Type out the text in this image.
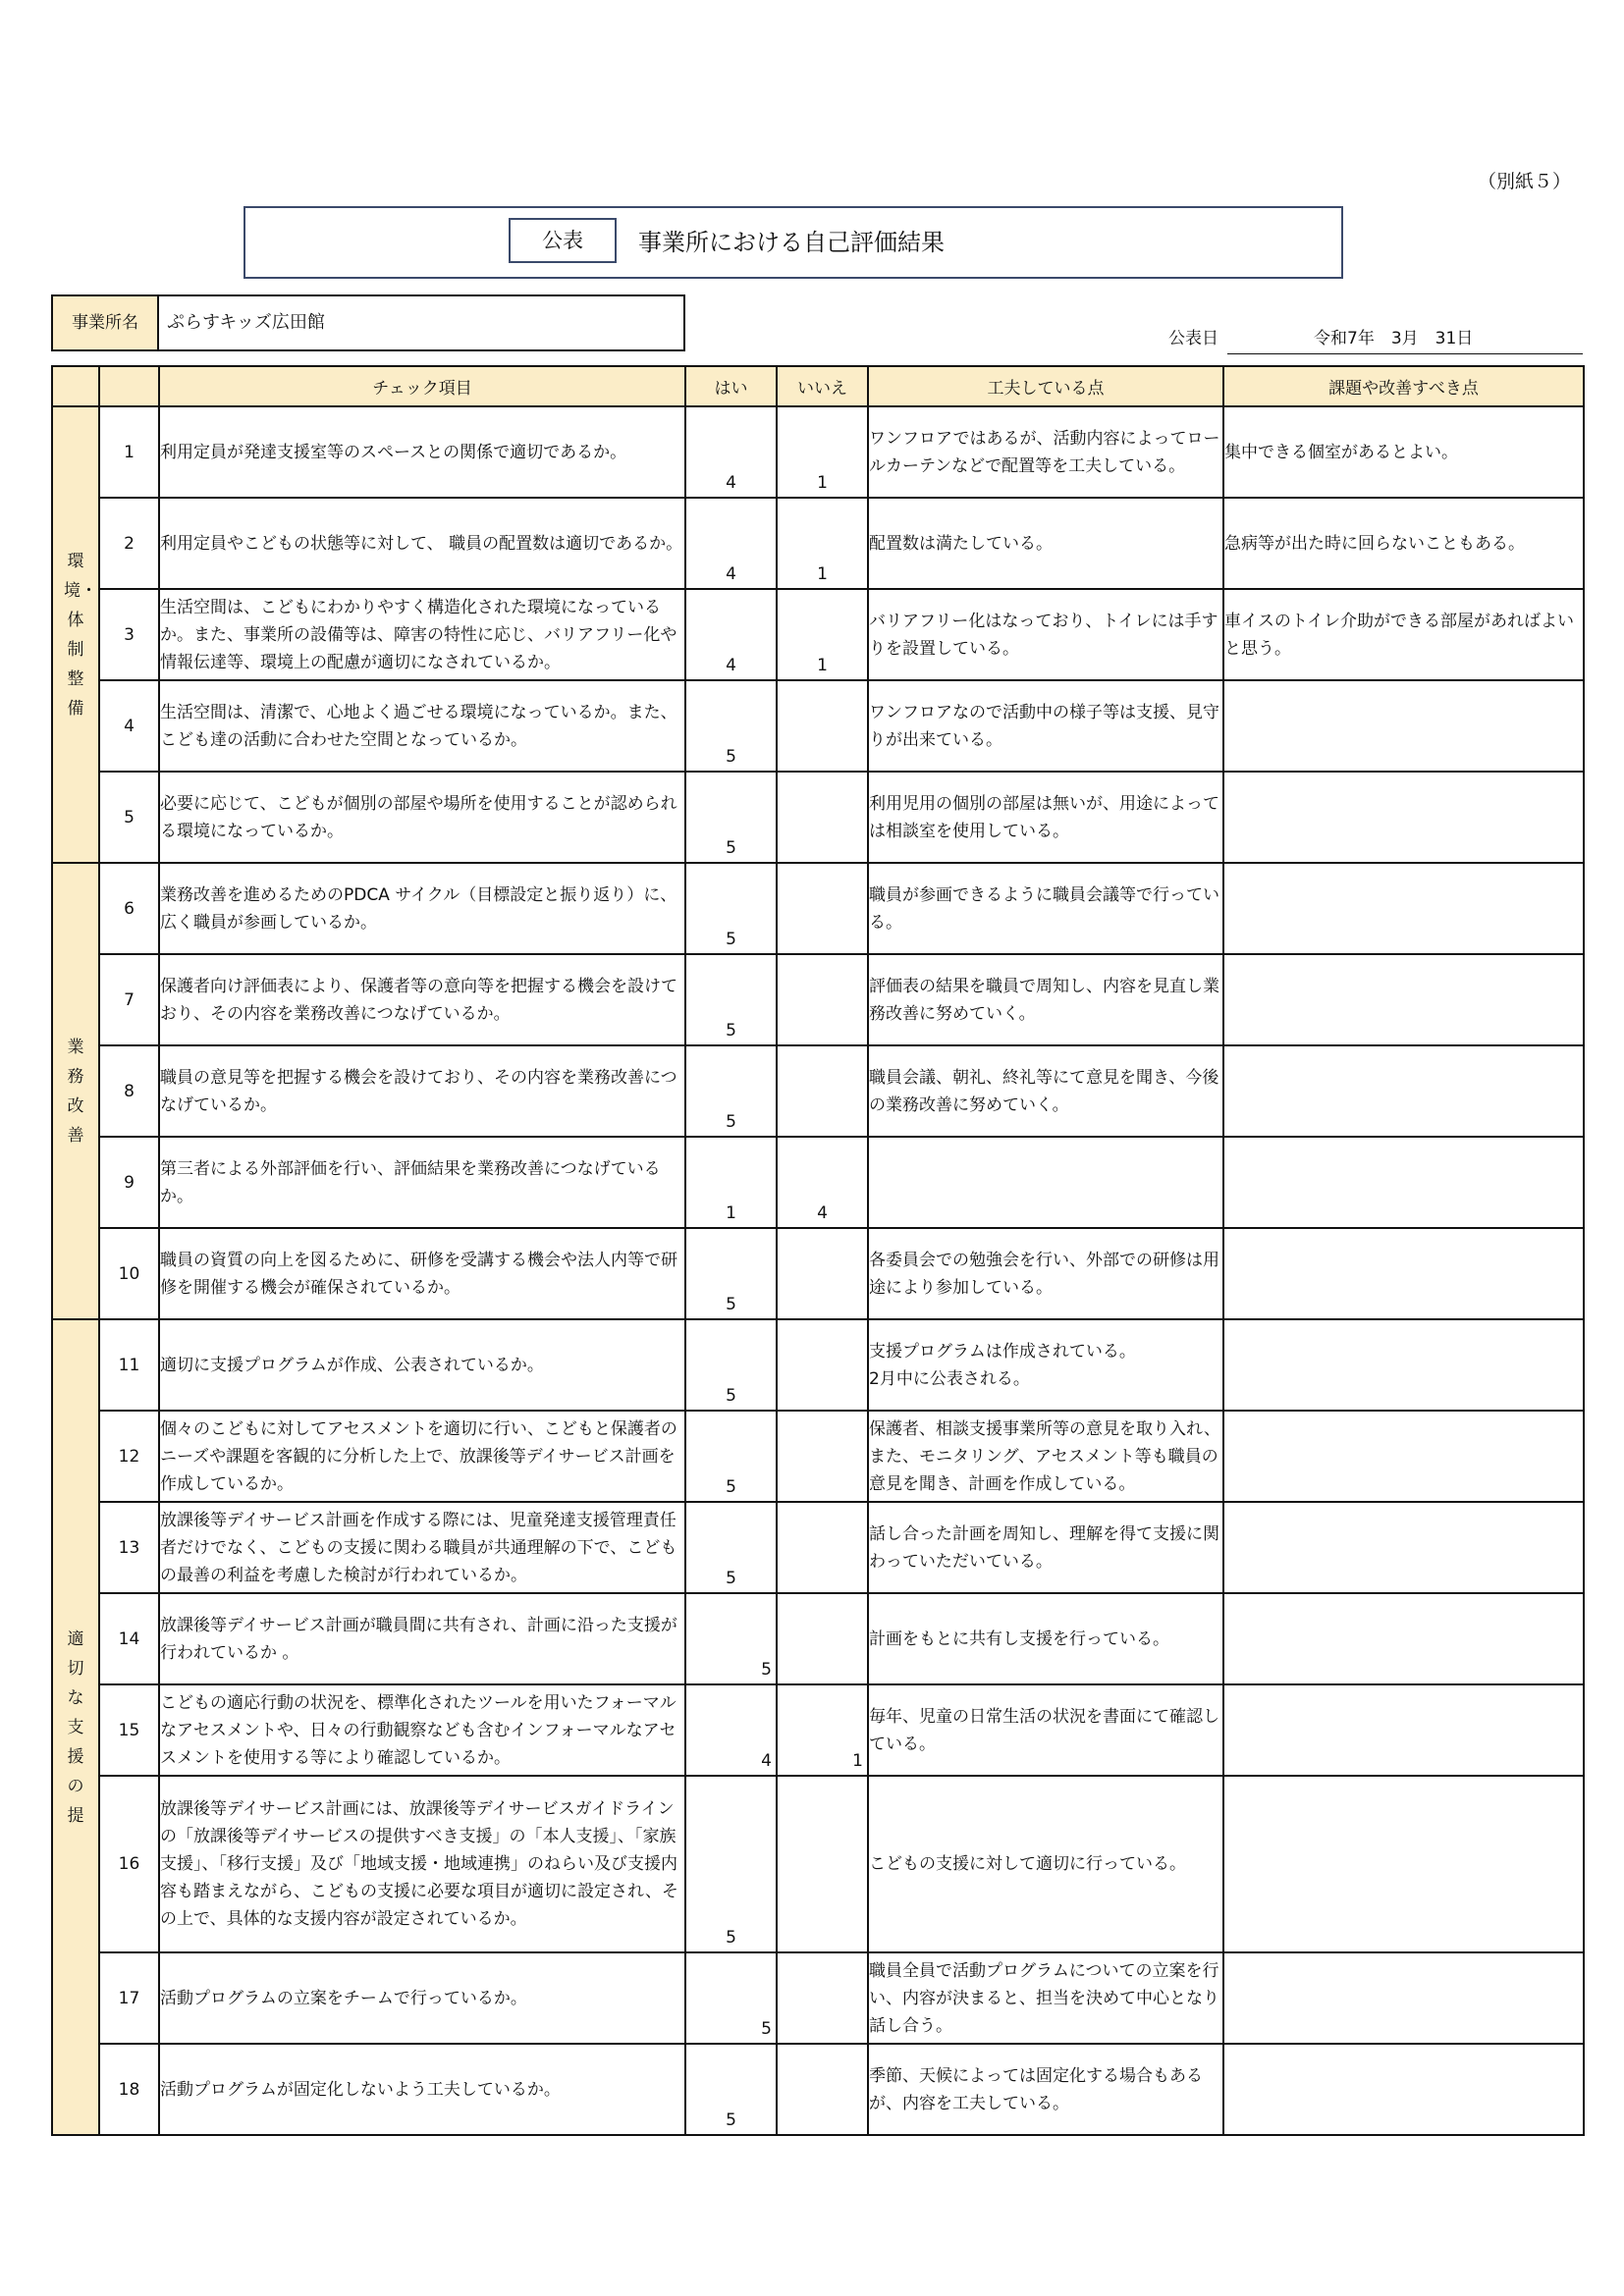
（別紙５）
公表	事業所における自己評価結果
事業所名	ぷらすキッズ広田館
公表日	令和7年　3月　31日
		チェック項目	はい	いいえ	工夫している点	課題や改善すべき点

環境・体制整備	1	利用定員が発達支援室等のスペースとの関係で適切であるか。	4	1	ワンフロアではあるが、活動内容によってロールカーテンなどで配置等を工夫している。	集中できる個室があるとよい。
	2	利用定員やこどもの状態等に対して、 職員の配置数は適切であるか。	4	1	配置数は満たしている。	急病等が出た時に回らないこともある。
	3	生活空間は、こどもにわかりやすく構造化された環境になっているか。また、事業所の設備等は、障害の特性に応じ、バリアフリー化や情報伝達等、環境上の配慮が適切になされているか。	4	1	バリアフリー化はなっており、トイレには手すりを設置している。	車イスのトイレ介助ができる部屋があればよいと思う。
	4	生活空間は、清潔で、心地よく過ごせる環境になっているか。また、こども達の活動に合わせた空間となっているか。	5		ワンフロアなので活動中の様子等は支援、見守りが出来ている。	
	5	必要に応じて、こどもが個別の部屋や場所を使用することが認められる環境になっているか。	5		利用児用の個別の部屋は無いが、用途によっては相談室を使用している。	

業務改善	6	業務改善を進めるためのPDCA サイクル（目標設定と振り返り）に、広く職員が参画しているか。	5		職員が参画できるように職員会議等で行っている。	
	7	保護者向け評価表により、保護者等の意向等を把握する機会を設けており、その内容を業務改善につなげているか。	5		評価表の結果を職員で周知し、内容を見直し業務改善に努めていく。	
	8	職員の意見等を把握する機会を設けており、その内容を業務改善につなげているか。	5		職員会議、朝礼、終礼等にて意見を聞き、今後の業務改善に努めていく。	
	9	第三者による外部評価を行い、評価結果を業務改善につなげているか。	1	4		

	10	職員の資質の向上を図るために、研修を受講する機会や法人内等で研修を開催する機会が確保されているか。	5		各委員会での勉強会を行い、外部での研修は用途により参加している。	

適切な支援の提	11	適切に支援プログラムが作成、公表されているか。	5		支援プログラムは作成されている。
2月中に公表される。	
	12	個々のこどもに対してアセスメントを適切に行い、こどもと保護者のニーズや課題を客観的に分析した上で、放課後等デイサービス計画を作成しているか。	5		保護者、相談支援事業所等の意見を取り入れ、また、モニタリング、アセスメント等も職員の意見を聞き、計画を作成している。	
	13	放課後等デイサービス計画を作成する際には、児童発達支援管理責任者だけでなく、こどもの支援に関わる職員が共通理解の下で、こどもの最善の利益を考慮した検討が行われているか。	5		話し合った計画を周知し、理解を得て支援に関わっていただいている。	
	14	放課後等デイサービス計画が職員間に共有され、計画に沿った支援が行われているか 。	5		計画をもとに共有し支援を行っている。	
	15	こどもの適応行動の状況を、標準化されたツールを用いたフォーマルなアセスメントや、日々の行動観察なども含むインフォーマルなアセスメントを使用する等により確認しているか。	4	1	毎年、児童の日常生活の状況を書面にて確認している。	
	16	放課後等デイサービス計画には、放課後等デイサービスガイドラインの「放課後等デイサービスの提供すべき支援」の「本人支援」、「家族支援」、「移行支援」及び「地域支援・地域連携」のねらい及び支援内容も踏まえながら、こどもの支援に必要な項目が適切に設定され、その上で、具体的な支援内容が設定されているか。	5		こどもの支援に対して適切に行っている。	
	17	活動プログラムの立案をチームで行っているか。	5		職員全員で活動プログラムについての立案を行い、内容が決まると、担当を決めて中心となり話し合う。	
	18	活動プログラムが固定化しないよう工夫しているか。	5		季節、天候によっては固定化する場合もあるが、内容を工夫している。	
